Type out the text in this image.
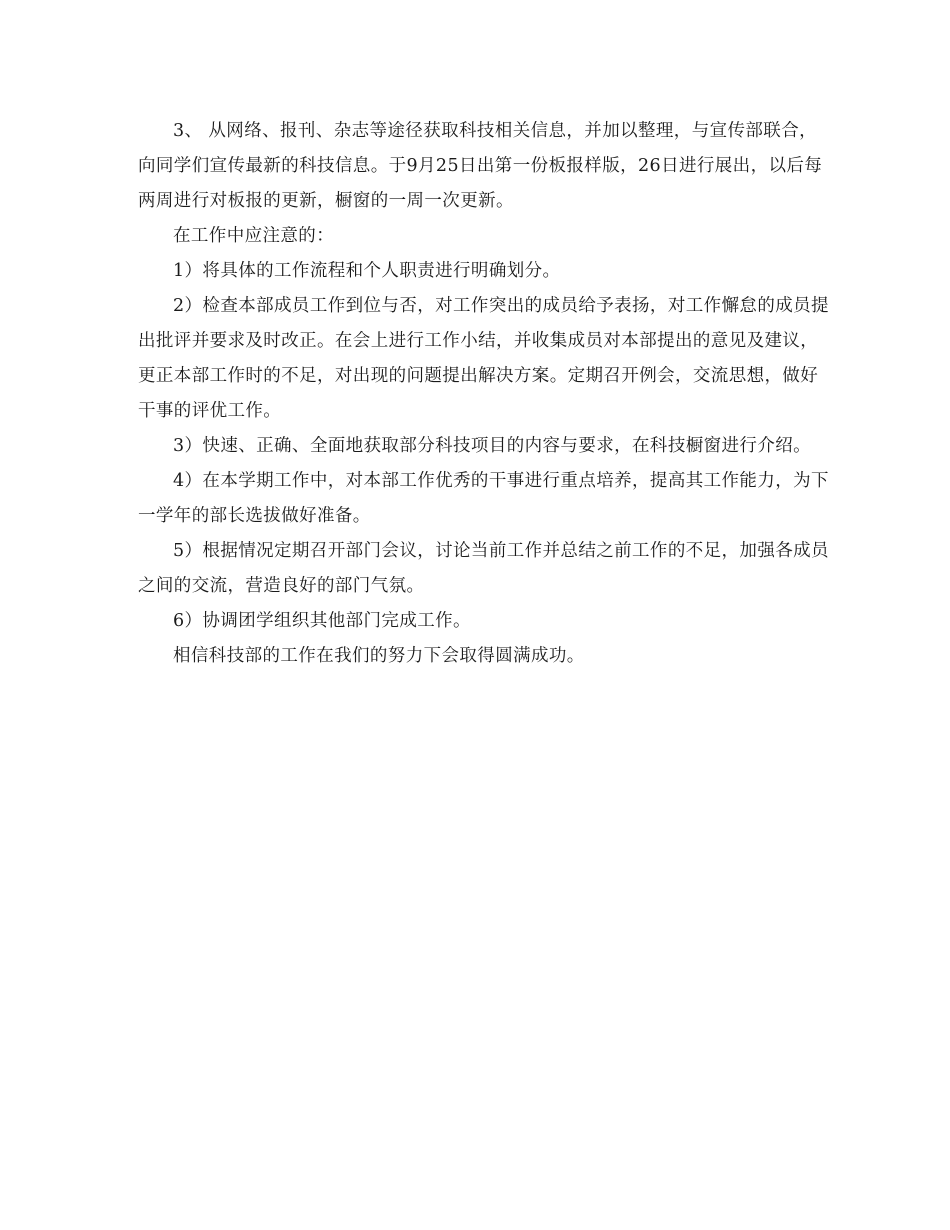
3、 从网络、报刊、杂志等途径获取科技相关信息，并加以整理，与宣传部联合，向同学们宣传最新的科技信息。于9月25日出第一份板报样版，26日进行展出，以后每两周进行对板报的更新，橱窗的一周一次更新。

在工作中应注意的：

1）将具体的工作流程和个人职责进行明确划分。

2）检查本部成员工作到位与否，对工作突出的成员给予表扬，对工作懈怠的成员提出批评并要求及时改正。在会上进行工作小结，并收集成员对本部提出的意见及建议，更正本部工作时的不足，对出现的问题提出解决方案。定期召开例会，交流思想，做好干事的评优工作。

3）快速、正确、全面地获取部分科技项目的内容与要求，在科技橱窗进行介绍。

4）在本学期工作中，对本部工作优秀的干事进行重点培养，提高其工作能力，为下一学年的部长选拔做好准备。

5）根据情况定期召开部门会议，讨论当前工作并总结之前工作的不足，加强各成员之间的交流，营造良好的部门气氛。

6）协调团学组织其他部门完成工作。

相信科技部的工作在我们的努力下会取得圆满成功。
